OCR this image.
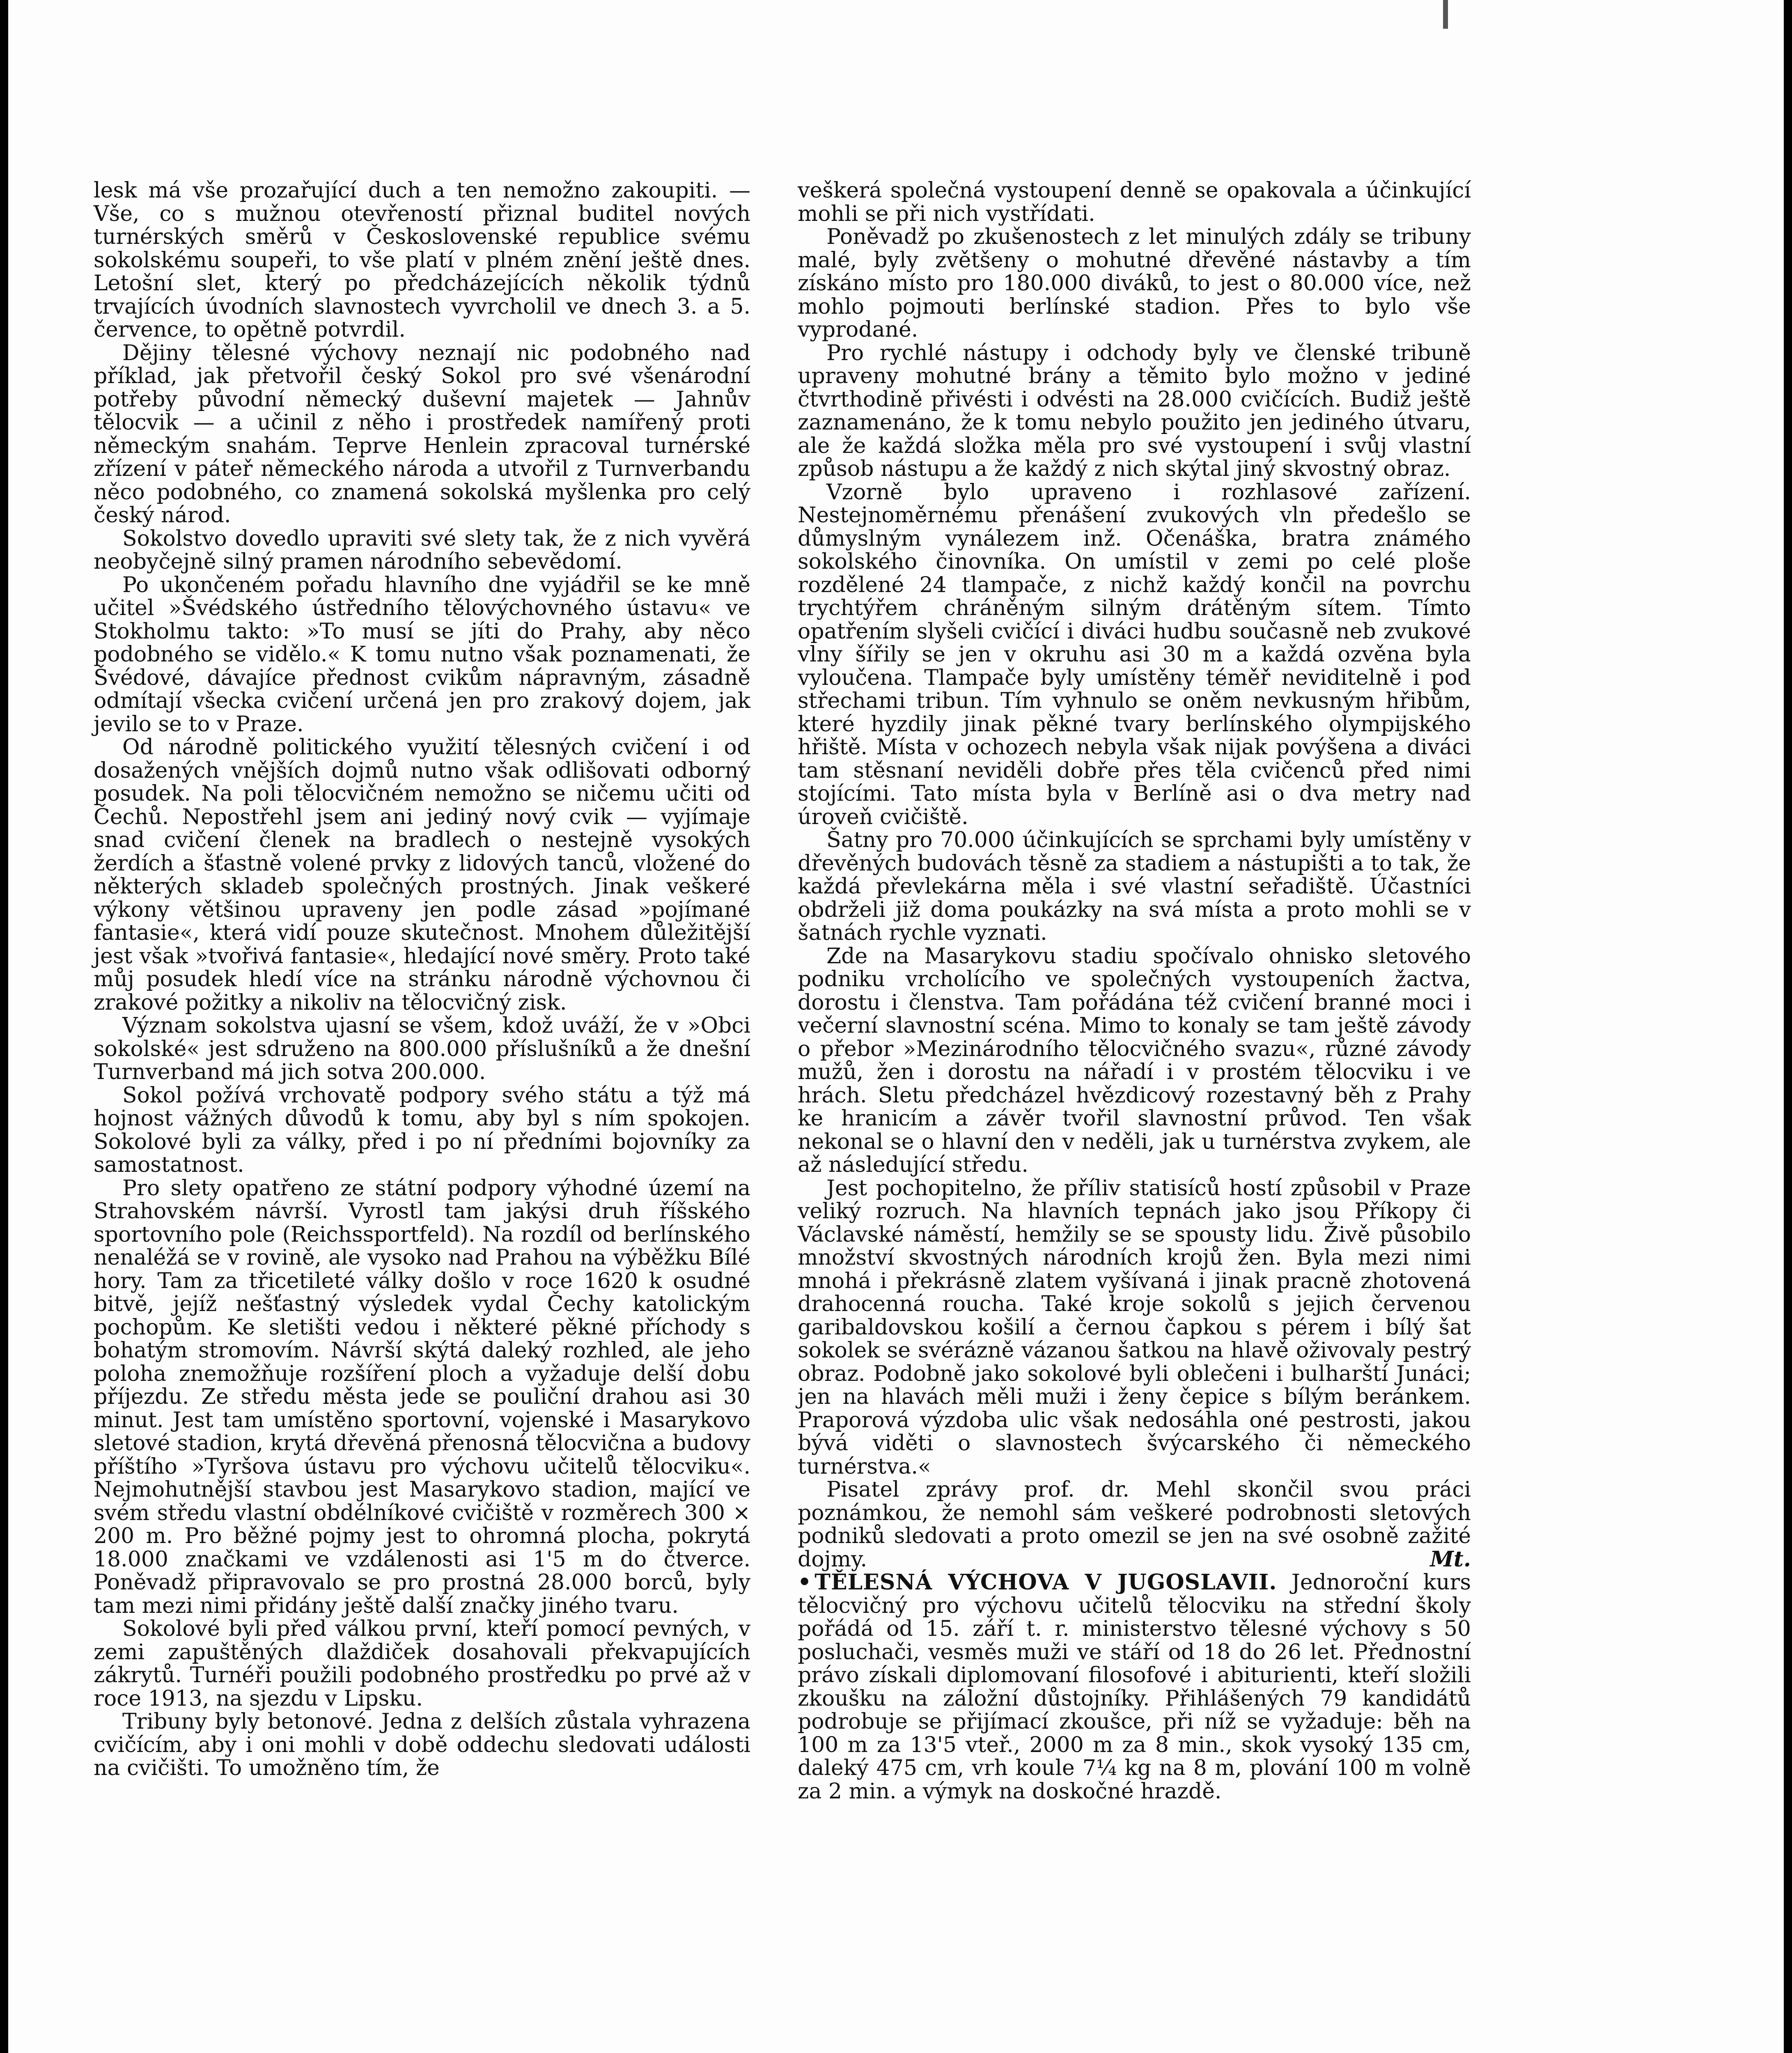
lesk má vše prozařující duch a ten nemožno zakoupiti. — Vše, co s mužnou otevřeností přiznal buditel nových turnérských směrů v Československé republice svému sokolskému soupeři, to vše platí v plném znění ještě dnes. Letošní slet, který po předcházejících několik týdnů trvajících úvodních slavnostech vyvrcholil ve dnech 3. a 5. července, to opětně potvrdil.

Dějiny tělesné výchovy neznají nic podobného nad příklad, jak přetvořil český Sokol pro své všenárodní potřeby původní německý duševní majetek — Jahnův tělocvik — a učinil z něho i prostředek namířený proti německým snahám. Teprve Henlein zpracoval turnérské zřízení v páteř německého národa a utvořil z Turnverbandu něco podobného, co znamená sokolská myšlenka pro celý český národ.

Sokolstvo dovedlo upraviti své slety tak, že z nich vyvěrá neobyčejně silný pramen národního sebevědomí.

Po ukončeném pořadu hlavního dne vyjádřil se ke mně učitel »Švédského ústředního tělovýchovného ústavu« ve Stokholmu takto: »To musí se jíti do Prahy, aby něco podobného se vidělo.« K tomu nutno však poznamenati, že Švédové, dávajíce přednost cvikům nápravným, zásadně odmítají všecka cvičení určená jen pro zrakový dojem, jak jevilo se to v Praze.

Od národně politického využití tělesných cvičení i od dosažených vnějších dojmů nutno však odlišovati odborný posudek. Na poli tělocvičném nemožno se ničemu učiti od Čechů. Nepostřehl jsem ani jediný nový cvik — vyjímaje snad cvičení členek na bradlech o nestejně vysokých žerdích a šťastně volené prvky z lidových tanců, vložené do některých skladeb společných prostných. Jinak veškeré výkony většinou upraveny jen podle zásad »pojímané fantasie«, která vidí pouze skutečnost. Mnohem důležitější jest však »tvořivá fantasie«, hledající nové směry. Proto také můj posudek hledí více na stránku národně výchovnou či zrakové požitky a nikoliv na tělocvičný zisk.

Význam sokolstva ujasní se všem, kdož uváží, že v »Obci sokolské« jest sdruženo na 800.000 příslušníků a že dnešní Turnverband má jich sotva 200.000.

Sokol požívá vrchovatě podpory svého státu a týž má hojnost vážných důvodů k tomu, aby byl s ním spokojen. Sokolové byli za války, před i po ní předními bojovníky za samostatnost.

Pro slety opatřeno ze státní podpory výhodné území na Strahovském návrší. Vyrostl tam jakýsi druh říšského sportovního pole (Reichssportfeld). Na rozdíl od berlínského nenaléžá se v rovině, ale vysoko nad Prahou na výběžku Bílé hory. Tam za třicetileté války došlo v roce 1620 k osudné bitvě, jejíž nešťastný výsledek vydal Čechy katolickým pochopům. Ke sletišti vedou i některé pěkné příchody s bohatým stromovím. Návrší skýtá daleký rozhled, ale jeho poloha znemožňuje rozšíření ploch a vyžaduje delší dobu příjezdu. Ze středu města jede se pouliční drahou asi 30 minut. Jest tam umístěno sportovní, vojenské i Masarykovo sletové stadion, krytá dřevěná přenosná tělocvična a budovy příštího »Tyršova ústavu pro výchovu učitelů tělocviku«. Nejmohutnější stavbou jest Masarykovo stadion, mající ve svém středu vlastní obdélníkové cvičiště v rozměrech 300 × 200 m. Pro běžné pojmy jest to ohromná plocha, pokrytá 18.000 značkami ve vzdálenosti asi 1'5 m do čtverce. Poněvadž připravovalo se pro prostná 28.000 borců, byly tam mezi nimi přidány ještě další značky jiného tvaru.

Sokolové byli před válkou první, kteří pomocí pevných, v zemi zapuštěných dlaždiček dosahovali překvapujících zákrytů. Turnéři použili podobného prostředku po prvé až v roce 1913, na sjezdu v Lipsku.

Tribuny byly betonové. Jedna z delších zůstala vyhrazena cvičícím, aby i oni mohli v době oddechu sledovati události na cvičišti. To umožněno tím, že

veškerá společná vystoupení denně se opakovala a účinkující mohli se při nich vystřídati.

Poněvadž po zkušenostech z let minulých zdály se tribuny malé, byly zvětšeny o mohutné dřevěné nástavby a tím získáno místo pro 180.000 diváků, to jest o 80.000 více, než mohlo pojmouti berlínské stadion. Přes to bylo vše vyprodané.

Pro rychlé nástupy i odchody byly ve členské tribuně upraveny mohutné brány a těmito bylo možno v jediné čtvrthodině přivésti i odvésti na 28.000 cvičících. Budiž ještě zaznamenáno, že k tomu nebylo použito jen jediného útvaru, ale že každá složka měla pro své vystoupení i svůj vlastní způsob nástupu a že každý z nich skýtal jiný skvostný obraz.

Vzorně bylo upraveno i rozhlasové zařízení. Nestejnoměrnému přenášení zvukových vln předešlo se důmyslným vynálezem inž. Očenáška, bratra známého sokolského činovníka. On umístil v zemi po celé ploše rozdělené 24 tlampače, z nichž každý končil na povrchu trychtýřem chráněným silným drátěným sítem. Tímto opatřením slyšeli cvičící i diváci hudbu současně neb zvukové vlny šířily se jen v okruhu asi 30 m a každá ozvěna byla vyloučena. Tlampače byly umístěny téměř neviditelně i pod střechami tribun. Tím vyhnulo se oněm nevkusným hřibům, které hyzdily jinak pěkné tvary berlínského olympijského hřiště. Místa v ochozech nebyla však nijak povýšena a diváci tam stěsnaní neviděli dobře přes těla cvičenců před nimi stojícími. Tato místa byla v Berlíně asi o dva metry nad úroveň cvičiště.

Šatny pro 70.000 účinkujících se sprchami byly umístěny v dřevěných budovách těsně za stadiem a nástupišti a to tak, že každá převlekárna měla i své vlastní seřadiště. Účastníci obdrželi již doma poukázky na svá místa a proto mohli se v šatnách rychle vyznati.

Zde na Masarykovu stadiu spočívalo ohnisko sletového podniku vrcholícího ve společných vystoupeních žactva, dorostu i členstva. Tam pořádána též cvičení branné moci i večerní slavnostní scéna. Mimo to konaly se tam ještě závody o přebor »Mezinárodního tělocvičného svazu«, různé závody mužů, žen i dorostu na nářadí i v prostém tělocviku i ve hrách. Sletu předcházel hvězdicový rozestavný běh z Prahy ke hranicím a závěr tvořil slavnostní průvod. Ten však nekonal se o hlavní den v neděli, jak u turnérstva zvykem, ale až následující středu.

Jest pochopitelno, že příliv statisíců hostí způsobil v Praze veliký rozruch. Na hlavních tepnách jako jsou Příkopy či Václavské náměstí, hemžily se se spousty lidu. Živě působilo množství skvostných národních krojů žen. Byla mezi nimi mnohá i překrásně zlatem vyšívaná i jinak pracně zhotovená drahocenná roucha. Také kroje sokolů s jejich červenou garibaldovskou košilí a černou čapkou s pérem i bílý šat sokolek se svérázně vázanou šatkou na hlavě oživovaly pestrý obraz. Podobně jako sokolové byli oblečeni i bulharští Junáci; jen na hlavách měli muži i ženy čepice s bílým beránkem. Praporová výzdoba ulic však nedosáhla oné pestrosti, jakou bývá viděti o slavnostech švýcarského či německého turnérstva.«

Pisatel zprávy prof. dr. Mehl skončil svou práci poznámkou, že nemohl sám veškeré podrobnosti sletových podniků sledovati a proto omezil se jen na své osobně zažité dojmy.	Mt.

• TĚLESNÁ VÝCHOVA V JUGOSLAVII. Jednoroční kurs tělocvičný pro výchovu učitelů tělocviku na střední školy pořádá od 15. září t. r. ministerstvo tělesné výchovy s 50 posluchači, vesměs muži ve stáří od 18 do 26 let. Přednostní právo získali diplomovaní filosofové i abiturienti, kteří složili zkoušku na záložní důstojníky. Přihlášených 79 kandidátů podrobuje se přijímací zkoušce, při níž se vyžaduje: běh na 100 m za 13'5 vteř., 2000 m za 8 min., skok vysoký 135 cm, daleký 475 cm, vrh koule 7¼ kg na 8 m, plování 100 m volně za 2 min. a výmyk na doskočné hrazdě.
